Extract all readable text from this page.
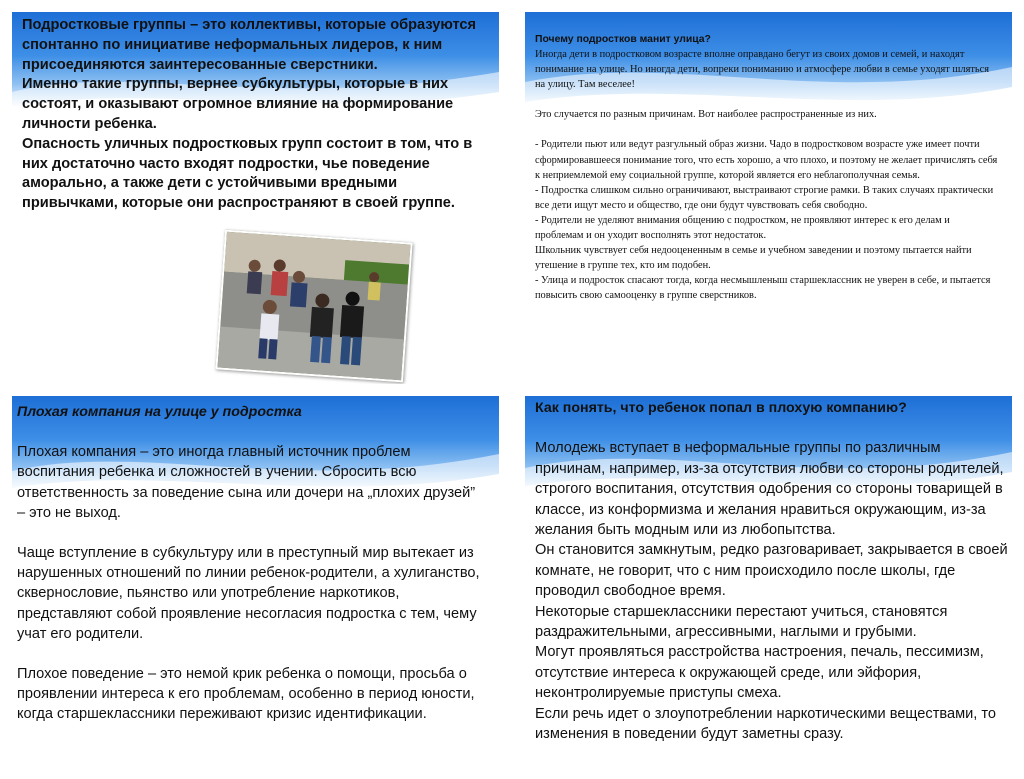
Подростковые группы – это коллективы, которые образуются спонтанно по инициативе неформальных лидеров, к ним присоединяются заинтересованные сверстники.

Именно такие группы, вернее субкультуры, которые в них состоят, и оказывают огромное влияние на формирование личности ребенка.

Опасность уличных подростковых групп состоит в том, что в них достаточно часто входят подростки, чье поведение аморально, а также дети с устойчивыми вредными привычками, которые они распространяют в своей группе.

Почему подростков манит улица?

Иногда дети в подростковом возрасте вполне оправдано бегут из своих домов и семей, и находят понимание на улице. Но иногда дети, вопреки пониманию и атмосфере любви в семье уходят шляться на улицу. Там веселее!

Это случается по разным причинам. Вот наиболее распространенные из них.

- Родители пьют или ведут разгульный образ жизни. Чадо в подростковом возрасте уже имеет почти сформировавшееся понимание того, что есть хорошо, а что плохо, и поэтому не желает причислять себя к неприемлемой ему социальной группе, которой является его неблагополучная семья.

- Подростка слишком сильно ограничивают, выстраивают строгие рамки. В таких случаях практически все дети ищут место и общество, где они будут чувствовать себя свободно.

- Родители не уделяют внимания общению с подростком, не проявляют интерес к его делам и проблемам и он уходит восполнять этот недостаток.

Школьник чувствует себя недооцененным в семье и учебном заведении и поэтому пытается найти утешение в группе тех, кто им подобен.

- Улица и подросток спасают тогда, когда несмышленыш старшеклассник не уверен в себе, и пытается повысить свою самооценку в группе сверстников.

Плохая компания на улице у подростка

Плохая компания – это иногда главный источник проблем воспитания ребенка и сложностей в учении. Сбросить всю ответственность за поведение сына или дочери на „плохих друзей” – это не выход.

Чаще вступление в субкультуру или в преступный мир вытекает из нарушенных отношений по линии ребенок-родители, а хулиганство, сквернословие, пьянство или употребление наркотиков, представляют собой проявление несогласия подростка с тем, чему учат его родители.

Плохое поведение – это немой крик ребенка о помощи, просьба о проявлении интереса к его проблемам, особенно в период юности, когда старшеклассники переживают кризис идентификации.

Как понять, что ребенок попал в плохую компанию?

Молодежь вступает в неформальные группы по различным причинам, например, из-за отсутствия любви со стороны родителей, строгого воспитания, отсутствия одобрения со стороны товарищей в классе, из конформизма и желания нравиться окружающим, из-за желания быть модным или из любопытства.

Он становится замкнутым, редко разговаривает, закрывается в своей комнате, не говорит, что с ним происходило после школы, где проводил свободное время.

Некоторые старшеклассники перестают учиться, становятся раздражительными, агрессивными, наглыми и грубыми.

Могут проявляться расстройства настроения, печаль, пессимизм, отсутствие интереса к окружающей среде, или эйфория, неконтролируемые приступы смеха.

Если речь идет о злоупотреблении наркотическими веществами, то изменения в поведении будут заметны сразу.
